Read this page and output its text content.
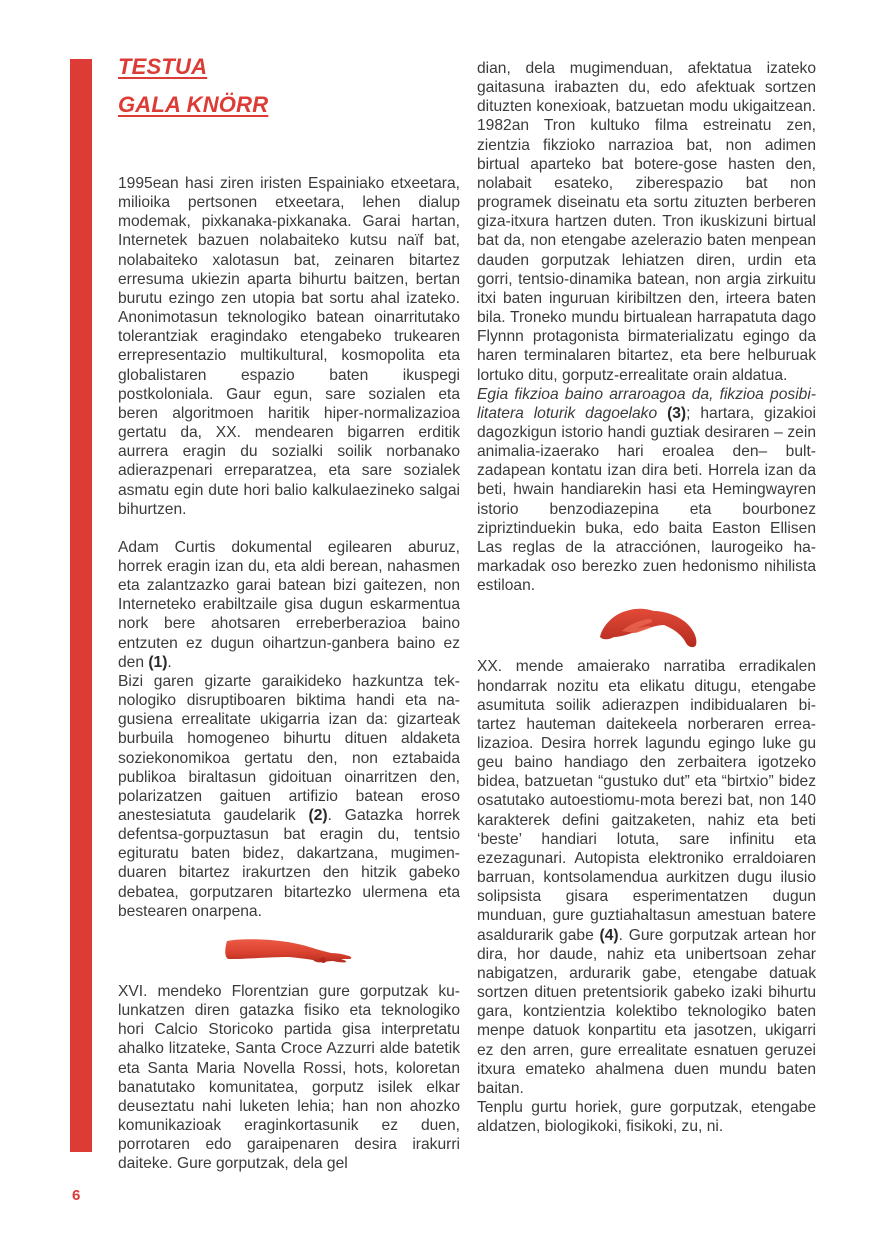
TESTUA
GALA KNÖRR

1995ean hasi ziren iristen Espainiako etxeetara, milioika pertsonen etxeetara, lehen dialup modemak, pixkanaka-pixkanaka. Garai hartan, Internetek bazuen nolabaiteko kutsu naïf bat, nolabaiteko xalotasun bat, zeinaren bitartez erresuma ukiezin aparta bihurtu baitzen, bertan burutu ezingo zen utopia bat sortu ahal izateko. Anonimotasun teknologiko batean oinarritutako tolerantziak eragindako etengabeko trukearen errepresentazio multikultural, kosmopolita eta globalistaren espazio baten ikuspegi postkoloniala. Gaur egun, sare sozialen eta beren algoritmoen haritik hiper-normalizazioa gertatu da, XX. mendearen bigarren erditik aurrera eragin du sozialki soilik norbanako adierazpenari erreparatzea, eta sare sozialek asmatu egin dute hori balio kalkulaezineko salgai bihurtzen.

Adam Curtis dokumental egilearen aburuz, horrek eragin izan du, eta aldi berean, nahasmen eta zalantzazko garai batean bizi gaitezen, non Interneteko erabiltzaile gisa dugun eskarmentua nork bere ahotsaren erreberberazioa baino entzuten ez dugun oihartzun-ganbera baino ez den (1).

Bizi garen gizarte garaikideko hazkuntza teknologiko disruptiboaren biktima handi eta nagusiena errealitate ukigarria izan da: gizarteak burbuila homogeneo bihurtu dituen aldaketa soziekonomikoa gertatu den, non eztabaida publikoa biraltasun gidoituan oinarritzen den, polarizatzen gaituen artifizio batean eroso anestesiatuta gaudelarik (2). Gatazka horrek defentsa-gorpuztasun bat eragin du, tentsio egituratu baten bidez, dakartzana, mugimenduaren bitartez irakurtzen den hitzik gabeko debatea, gorputzaren bitartezko ulermena eta bestearen onarpena.

XVI. mendeko Florentzian gure gorputzak kulunkatzen diren gatazka fisiko eta teknologiko hori Calcio Storicoko partida gisa interpretatu ahalko litzateke, Santa Croce Azzurri alde batetik eta Santa Maria Novella Rossi, hots, koloretan banatutako komunitatea, gorputz isilek elkar deuseztatu nahi luketen lehia; han non ahozko komunikazioak eraginkortasunik ez duen, porrotaren edo garaipenaren desira irakurri daiteke. Gure gorputzak, dela gel

dian, dela mugimenduan, afektatua izateko gaitasuna irabazten du, edo afektuak sortzen dituzten konexioak, batzuetan modu ukigaitzean. 1982an Tron kultuko filma estreinatu zen, zientzia fikzioko narrazioa bat, non adimen birtual aparteko bat botere-gose hasten den, nolabait esateko, ziberespazio bat non programek diseinatu eta sortu zituzten berberen giza-itxura hartzen duten. Tron ikuskizuni birtual bat da, non etengabe azelerazio baten menpean dauden gorputzak lehiatzen diren, urdin eta gorri, tentsio-dinamika batean, non argia zirkuitu itxi baten inguruan kiribiltzen den, irteera baten bila. Troneko mundu birtualean harrapatuta dago Flynnn protagonista birmaterializatu egingo da haren terminalaren bitartez, eta bere helburuak lortuko ditu, gorputz-errealitate orain aldatua.

Egia fikzioa baino arraroagoa da, fikzioa posibilitatera loturik dagoelako (3); hartara, gizakioi dagozkigun istorio handi guztiak desiraren – zein animalia-izaerako hari eroalea den– bultzadapean kontatu izan dira beti. Horrela izan da beti, hwain handiarekin hasi eta Hemingwayren istorio benzodiazepina eta bourbonez zipriztinduekin buka, edo baita Easton Ellisen Las reglas de la atracciónen, laurogeiko hamarkadak oso berezko zuen hedonismo nihilista estiloan.

XX. mende amaierako narratiba erradikalen hondarrak nozitu eta elikatu ditugu, etengabe asumituta soilik adierazpen indibidualaren bitartez hauteman daitekeela norberaren errealizazioa. Desira horrek lagundu egingo luke gu geu baino handiago den zerbaitera igotzeko bidea, batzuetan “gustuko dut” eta “birtxio” bidez osatutako autoestiomu-mota berezi bat, non 140 karakterek defini gaitzaketen, nahiz eta beti ‘beste’ handiari lotuta, sare infinitu eta ezezagunari. Autopista elektroniko erraldoiaren barruan, kontsolamendua aurkitzen dugu ilusio solipsista gisara esperimentatzen dugun munduan, gure guztiahaltasun amestuan batere asaldurarik gabe (4). Gure gorputzak artean hor dira, hor daude, nahiz eta unibertsoan zehar nabigatzen, ardurarik gabe, etengabe datuak sortzen dituen pretentsiorik gabeko izaki bihurtu gara, kontzientzia kolektibo teknologiko baten menpe datuok konpartitu eta jasotzen, ukigarri ez den arren, gure errealitate esnatuen geruzei itxura emateko ahalmena duen mundu baten baitan.

Tenplu gurtu horiek, gure gorputzak, etengabe aldatzen, biologikoki, fisikoki, zu, ni.

6
